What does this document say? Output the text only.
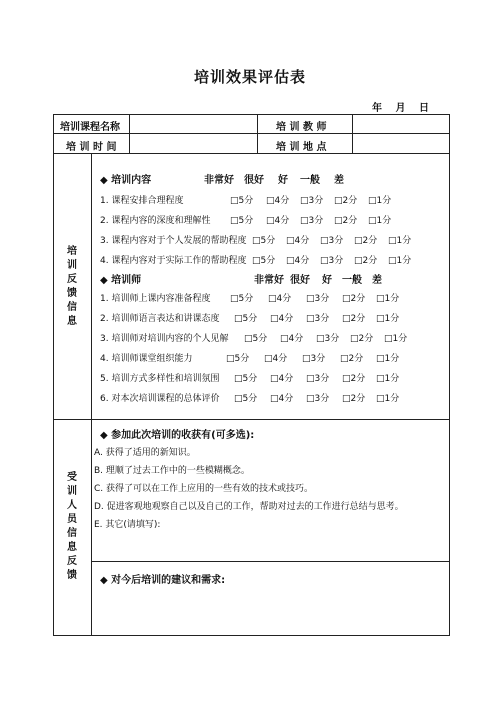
培训效果评估表
年 月 日
培训课程名称	培 训 教 师
培 训 时 间	培 训 地 点
培
训
反
馈
信
息
◆ 培训内容	非常好 很好 好 一般 差
1. 课程安排合理程度	□5分 □4分 □3分 □2分 □1分
2. 课程内容的深度和理解性 □5分 □4分 □3分 □2分 □1分
3. 课程内容对于个人发展的帮助程度 □5分 □4分 □3分 □2分 □1分
4. 课程内容对于实际工作的帮助程度 □5分 □4分 □3分 □2分 □1分
◆ 培训师	非常好 很好 好 一般 差
1. 培训师上课内容准备程度 □5分 □4分 □3分 □2分 □1分
2. 培训师语言表达和讲课态度 □5分 □4分 □3分 □2分 □1分
3. 培训师对培训内容的个人见解 □5分 □4分 □3分 □2分 □1分
4. 培训师课堂组织能力	□5分 □4分 □3分 □2分 □1分
5. 培训方式多样性和培训氛围 □5分 □4分 □3分 □2分 □1分
6. 对本次培训课程的总体评价 □5分 □4分 □3分 □2分 □1分
受
训
人
员
信
息
反
馈
◆ 参加此次培训的收获有(可多选):
A. 获得了适用的新知识。
B. 理顺了过去工作中的一些模糊概念。
C. 获得了可以在工作上应用的一些有效的技术或技巧。
D. 促进客观地观察自己以及自己的工作，帮助对过去的工作进行总结与思考。
E. 其它(请填写):
◆ 对今后培训的建议和需求:
